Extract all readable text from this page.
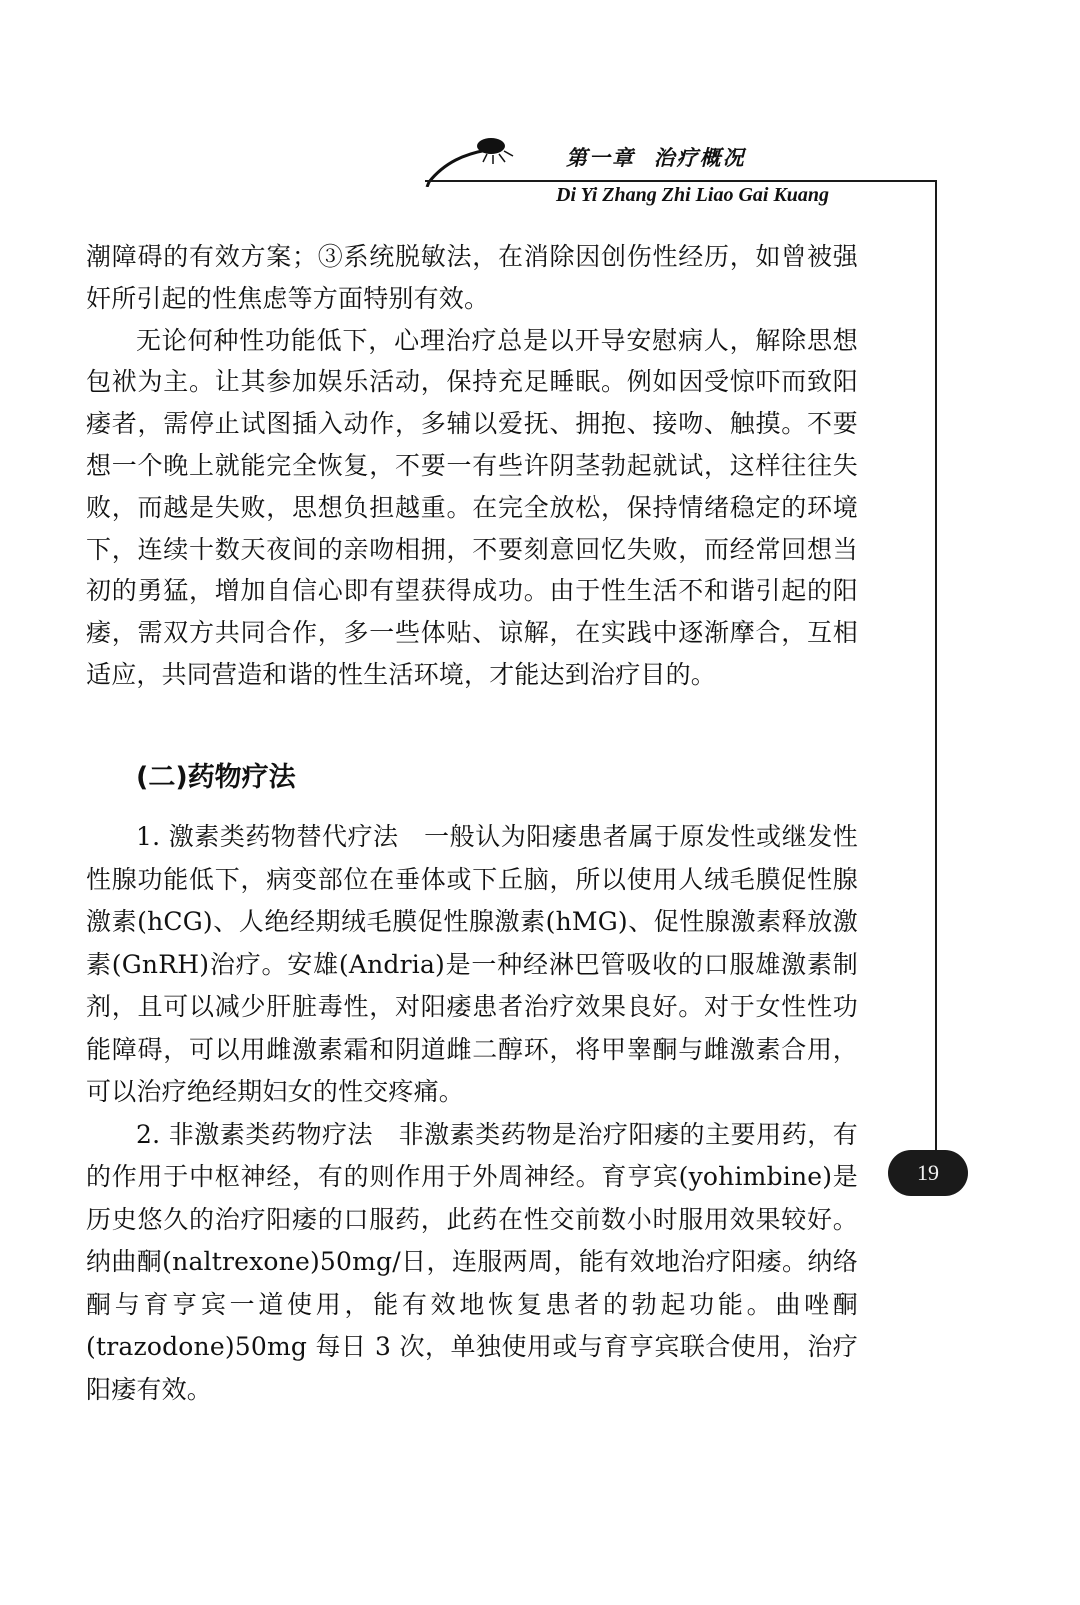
第一章  治疗概况
Di Yi Zhang Zhi Liao Gai Kuang
19

潮障碍的有效方案；③系统脱敏法，在消除因创伤性经历，如曾被强奸所引起的性焦虑等方面特别有效。

无论何种性功能低下，心理治疗总是以开导安慰病人，解除思想包袱为主。让其参加娱乐活动，保持充足睡眠。例如因受惊吓而致阳痿者，需停止试图插入动作，多辅以爱抚、拥抱、接吻、触摸。不要想一个晚上就能完全恢复，不要一有些许阴茎勃起就试，这样往往失败，而越是失败，思想负担越重。在完全放松，保持情绪稳定的环境下，连续十数天夜间的亲吻相拥，不要刻意回忆失败，而经常回想当初的勇猛，增加自信心即有望获得成功。由于性生活不和谐引起的阳痿，需双方共同合作，多一些体贴、谅解，在实践中逐渐摩合，互相适应，共同营造和谐的性生活环境，才能达到治疗目的。

(二)药物疗法

1. 激素类药物替代疗法　一般认为阳痿患者属于原发性或继发性性腺功能低下，病变部位在垂体或下丘脑，所以使用人绒毛膜促性腺激素(hCG)、人绝经期绒毛膜促性腺激素(hMG)、促性腺激素释放激素(GnRH)治疗。安雄(Andria)是一种经淋巴管吸收的口服雄激素制剂，且可以减少肝脏毒性，对阳痿患者治疗效果良好。对于女性性功能障碍，可以用雌激素霜和阴道雌二醇环，将甲睾酮与雌激素合用，可以治疗绝经期妇女的性交疼痛。

2. 非激素类药物疗法　非激素类药物是治疗阳痿的主要用药，有的作用于中枢神经，有的则作用于外周神经。育亨宾(yohimbine)是历史悠久的治疗阳痿的口服药，此药在性交前数小时服用效果较好。纳曲酮(naltrexone)50mg/日，连服两周，能有效地治疗阳痿。纳络酮与育亨宾一道使用，能有效地恢复患者的勃起功能。曲唑酮(trazodone)50mg 每日 3 次，单独使用或与育亨宾联合使用，治疗阳痿有效。
